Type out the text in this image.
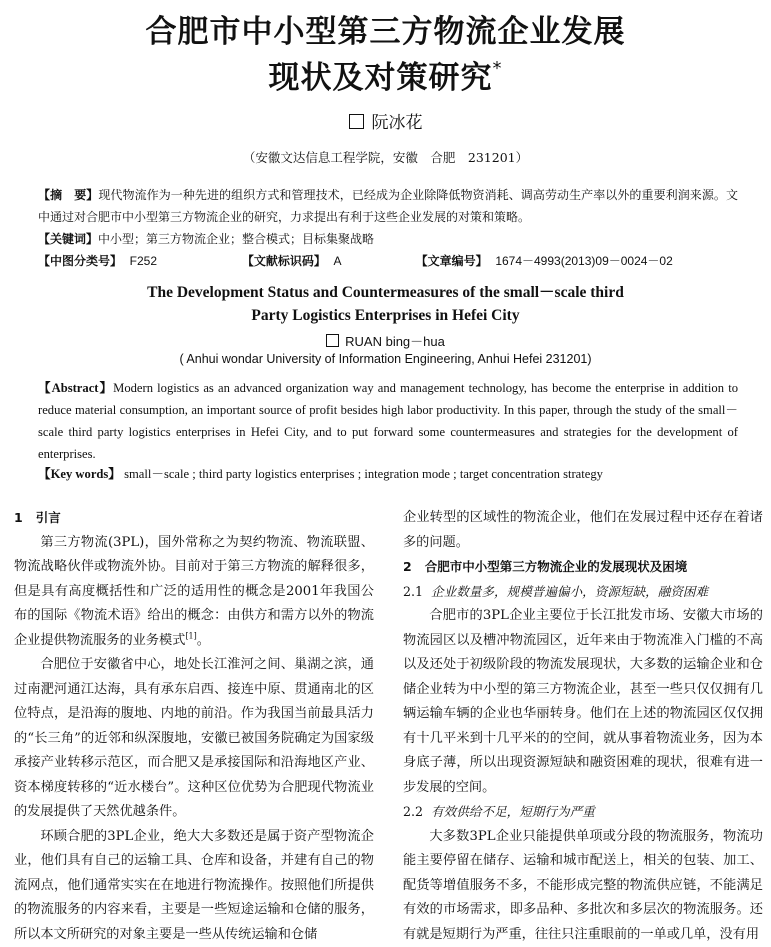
合肥市中小型第三方物流企业发展
现状及对策研究*
阮冰花
（安徽文达信息工程学院，安徽　合肥　231201）
【摘　要】现代物流作为一种先进的组织方式和管理技术，已经成为企业除降低物资消耗、调高劳动生产率以外的重要利润来源。文中通过对合肥市中小型第三方物流企业的研究，力求提出有利于这些企业发展的对策和策略。
【关键词】中小型；第三方物流企业；整合模式；目标集聚战略
【中图分类号】 F252	【文献标识码】 A	【文章编号】 1674－4993(2013)09－0024－02
The Development Status and Countermeasures of the small－scale third
Party Logistics Enterprises in Hefei City
RUAN bing－hua
( Anhui wondar University of Information Engineering, Anhui Hefei 231201)
【Abstract】Modern logistics as an advanced organization way and management technology, has become the enterprise in addition to reduce material consumption, an important source of profit besides high labor productivity. In this paper, through the study of the small－scale third party logistics enterprises in Hefei City, and to put forward some countermeasures and strategies for the development of enterprises.
【Key words】 small－scale ; third party logistics enterprises ; integration mode ; target concentration strategy
1 引言

第三方物流(3PL)，国外常称之为契约物流、物流联盟、物流战略伙伴或物流外协。目前对于第三方物流的解释很多，但是具有高度概括性和广泛的适用性的概念是2001年我国公布的国际《物流术语》给出的概念：由供方和需方以外的物流企业提供物流服务的业务模式[1]。

合肥位于安徽省中心，地处长江淮河之间、巢湖之滨，通过南淝河通江达海，具有承东启西、接连中原、贯通南北的区位特点，是沿海的腹地、内地的前沿。作为我国当前最具活力的“长三角”的近邻和纵深腹地，安徽已被国务院确定为国家级承接产业转移示范区，而合肥又是承接国际和沿海地区产业、资本梯度转移的“近水楼台”。这种区位优势为合肥现代物流业的发展提供了天然优越条件。

环顾合肥的3PL企业，绝大大多数还是属于资产型物流企业，他们具有自己的运输工具、仓库和设备，并建有自己的物流网点，他们通常实实在在地进行物流操作。按照他们所提供的物流服务的内容来看，主要是一些短途运输和仓储的服务，所以本文所研究的对象主要是一些从传统运输和仓储

企业转型的区域性的物流企业，他们在发展过程中还存在着诸多的问题。

2 合肥市中小型第三方物流企业的发展现状及困境
2.1 企业数量多，规模普遍偏小，资源短缺，融资困难

合肥市的3PL企业主要位于长江批发市场、安徽大市场的物流园区以及槽冲物流园区，近年来由于物流准入门槛的不高以及还处于初级阶段的物流发展现状，大多数的运输企业和仓储企业转为中小型的第三方物流企业，甚至一些只仅仅拥有几辆运输车辆的企业也华丽转身。他们在上述的物流园区仅仅拥有十几平米到十几平米的的空间，就从事着物流业务，因为本身底子薄，所以出现资源短缺和融资困难的现状，很难有进一步发展的空间。

2.2 有效供给不足，短期行为严重

大多数3PL企业只能提供单项或分段的物流服务，物流功能主要停留在储存、运输和城市配送上，相关的包装、加工、配货等增值服务不多，不能形成完整的物流供应链，不能满足有效的市场需求，即多品种、多批次和多层次的物流服务。还有就是短期行为严重，往往只注重眼前的一单或几单，没有用
